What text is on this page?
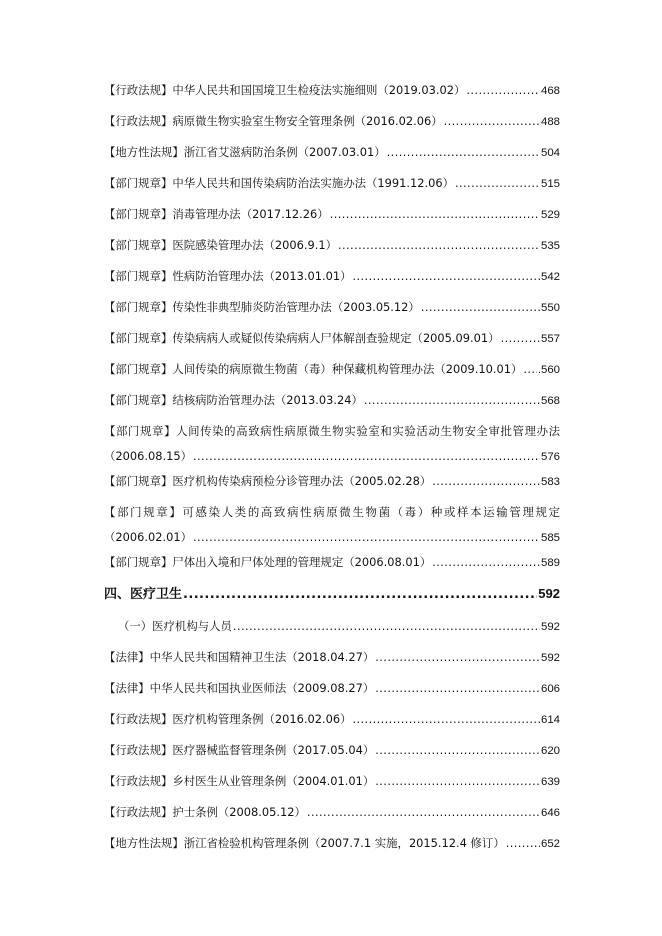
【行政法规】中华人民共和国国境卫生检疫法实施细则（2019.03.02） .....	468
【行政法规】病原微生物实验室生物安全管理条例（2016.02.06） .....	488
【地方性法规】浙江省艾滋病防治条例（2007.03.01） .....	504
【部门规章】中华人民共和国传染病防治法实施办法（1991.12.06） .....	515
【部门规章】消毒管理办法（2017.12.26） .....	529
【部门规章】医院感染管理办法（2006.9.1） .....	535
【部门规章】性病防治管理办法（2013.01.01） .....	542
【部门规章】传染性非典型肺炎防治管理办法（2003.05.12） .....	550
【部门规章】传染病病人或疑似传染病病人尸体解剖查验规定（2005.09.01） .....	557
【部门规章】人间传染的病原微生物菌（毒）种保藏机构管理办法（2009.10.01） ..... .560
【部门规章】结核病防治管理办法（2013.03.24） .....	568
【部门规章】人间传染的高致病性病原微生物实验室和实验活动生物安全审批管理办法
（2006.08.15） .....	576
【部门规章】医疗机构传染病预检分诊管理办法（2005.02.28） .....	583
【部门规章】可感染人类的高致病性病原微生物菌（毒）种或样本运输管理规定
（2006.02.01） .....	585
【部门规章】尸体出入境和尸体处理的管理规定（2006.08.01） .....	589
四、医疗卫生 .....	592
（一）医疗机构与人员 .....	592
【法律】中华人民共和国精神卫生法（2018.04.27） .....	592
【法律】中华人民共和国执业医师法（2009.08.27） .....	606
【行政法规】医疗机构管理条例（2016.02.06） .....	614
【行政法规】医疗器械监督管理条例（2017.05.04） .....	620
【行政法规】乡村医生从业管理条例（2004.01.01） .....	639
【行政法规】护士条例（2008.05.12） .....	646
【地方性法规】浙江省检验机构管理条例（2007.7.1 实施，2015.12.4 修订） .....	652
